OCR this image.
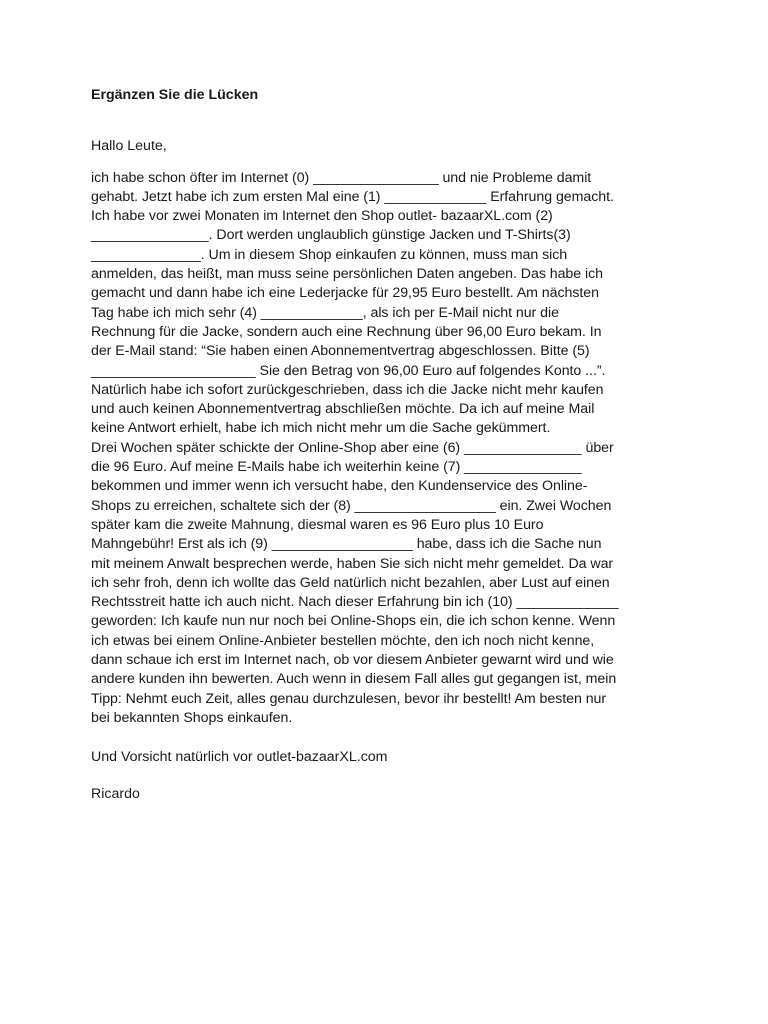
Ergänzen Sie die Lücken
Hallo Leute,
ich habe schon öfter im Internet (0) ________________ und nie Probleme damit
gehabt. Jetzt habe ich zum ersten Mal eine (1) _____________ Erfahrung gemacht.
Ich habe vor zwei Monaten im Internet den Shop outlet- bazaarXL.com (2)
_______________. Dort werden unglaublich günstige Jacken und T-Shirts(3)
______________. Um in diesem Shop einkaufen zu können, muss man sich
anmelden, das heißt, man muss seine persönlichen Daten angeben. Das habe ich
gemacht und dann habe ich eine Lederjacke für 29,95 Euro bestellt. Am nächsten
Tag habe ich mich sehr (4) _____________, als ich per E-Mail nicht nur die
Rechnung für die Jacke, sondern auch eine Rechnung über 96,00 Euro bekam. In
der E-Mail stand: “Sie haben einen Abonnementvertrag abgeschlossen. Bitte (5)
_____________________ Sie den Betrag von 96,00 Euro auf folgendes Konto ...”.
Natürlich habe ich sofort zurückgeschrieben, dass ich die Jacke nicht mehr kaufen
und auch keinen Abonnementvertrag abschließen möchte. Da ich auf meine Mail
keine Antwort erhielt, habe ich mich nicht mehr um die Sache gekümmert.
Drei Wochen später schickte der Online-Shop aber eine (6) _______________ über
die 96 Euro. Auf meine E-Mails habe ich weiterhin keine (7) _______________
bekommen und immer wenn ich versucht habe, den Kundenservice des Online-
Shops zu erreichen, schaltete sich der (8) __________________ ein. Zwei Wochen
später kam die zweite Mahnung, diesmal waren es 96 Euro plus 10 Euro
Mahngebühr! Erst als ich (9) __________________ habe, dass ich die Sache nun
mit meinem Anwalt besprechen werde, haben Sie sich nicht mehr gemeldet. Da war
ich sehr froh, denn ich wollte das Geld natürlich nicht bezahlen, aber Lust auf einen
Rechtsstreit hatte ich auch nicht. Nach dieser Erfahrung bin ich (10) _____________
geworden: Ich kaufe nun nur noch bei Online-Shops ein, die ich schon kenne. Wenn
ich etwas bei einem Online-Anbieter bestellen möchte, den ich noch nicht kenne,
dann schaue ich erst im Internet nach, ob vor diesem Anbieter gewarnt wird und wie
andere kunden ihn bewerten. Auch wenn in diesem Fall alles gut gegangen ist, mein
Tipp: Nehmt euch Zeit, alles genau durchzulesen, bevor ihr bestellt! Am besten nur
bei bekannten Shops einkaufen.
Und Vorsicht natürlich vor outlet-bazaarXL.com
Ricardo
